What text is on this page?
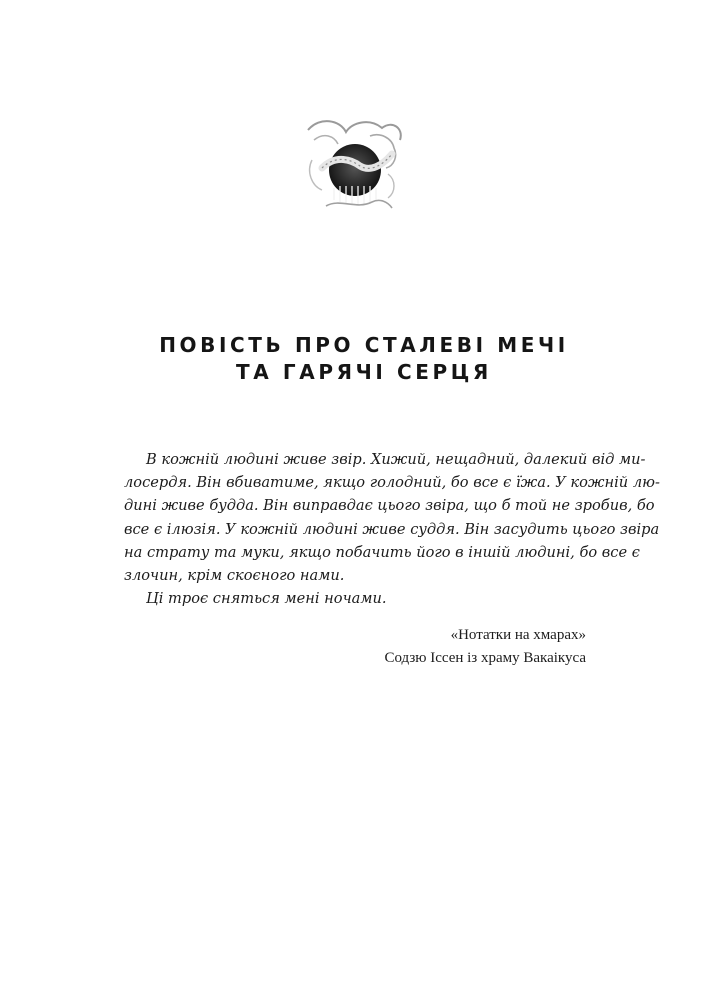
ПОВІСТЬ ПРО СТАЛЕВІ МЕЧІ
ТА ГАРЯЧІ СЕРЦЯ
В кожній людині живе звір. Хижий, нещадний, далекий від ми-
лосердя. Він вбиватиме, якщо голодний, бо все є їжа. У кожній лю-
дині живе будда. Він виправдає цього звіра, що б той не зробив, бо
все є ілюзія. У кожній людині живе суддя. Він засудить цього звіра
на страту та муки, якщо побачить його в іншій людині, бо все є
злочин, крім скоєного нами.
Ці троє сняться мені ночами.
«Нотатки на хмарах»
Содзю Іссен із храму Вакаікуса
